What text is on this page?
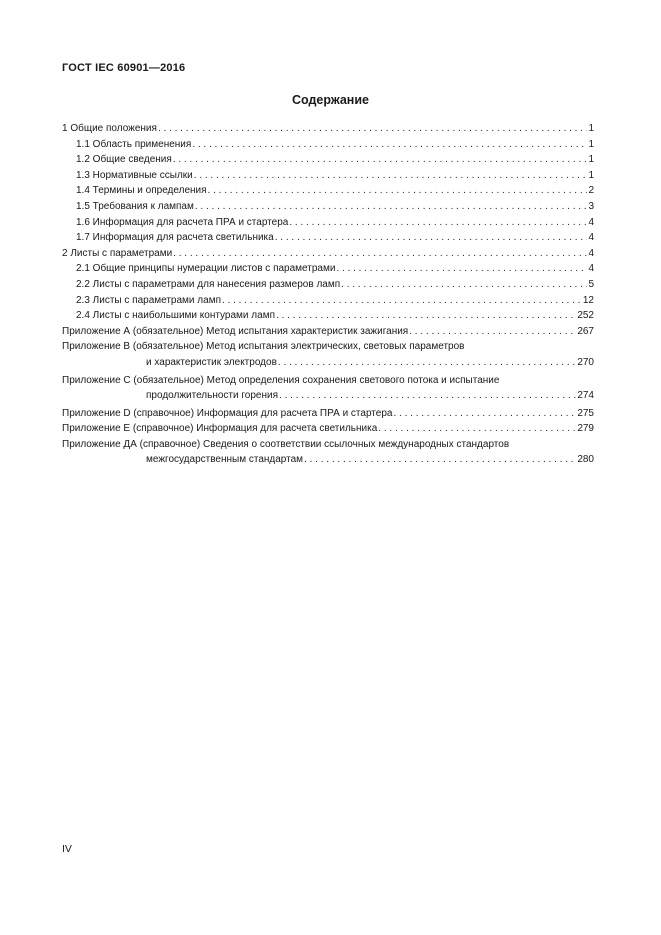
ГОСТ IEC 60901—2016
Содержание
1 Общие положения . . .	1
1.1 Область применения . . .	1
1.2 Общие сведения . . .	1
1.3 Нормативные ссылки . . .	1
1.4 Термины и определения . . .	2
1.5 Требования к лампам . . .	3
1.6 Информация для расчета ПРА и стартера . . .	4
1.7 Информация для расчета светильника . . .	4
2 Листы с параметрами . . .	4
2.1 Общие принципы нумерации листов с параметрами . . .	4
2.2 Листы с параметрами для нанесения размеров ламп . . .	5
2.3 Листы с параметрами ламп . . .	12
2.4 Листы с наибольшими контурами ламп . . .	252
Приложение А (обязательное) Метод испытания характеристик зажигания . . .	267
Приложение В (обязательное) Метод испытания электрических, световых параметров
и характеристик электродов . . .	270
Приложение С (обязательное) Метод определения сохранения светового потока и испытание
продолжительности горения . . .	274
Приложение D (справочное) Информация для расчета ПРА и стартера . . .	275
Приложение Е (справочное) Информация для расчета светильника . . .	279
Приложение ДА (справочное) Сведения о соответствии ссылочных международных стандартов
межгосударственным стандартам . . .	280
IV
